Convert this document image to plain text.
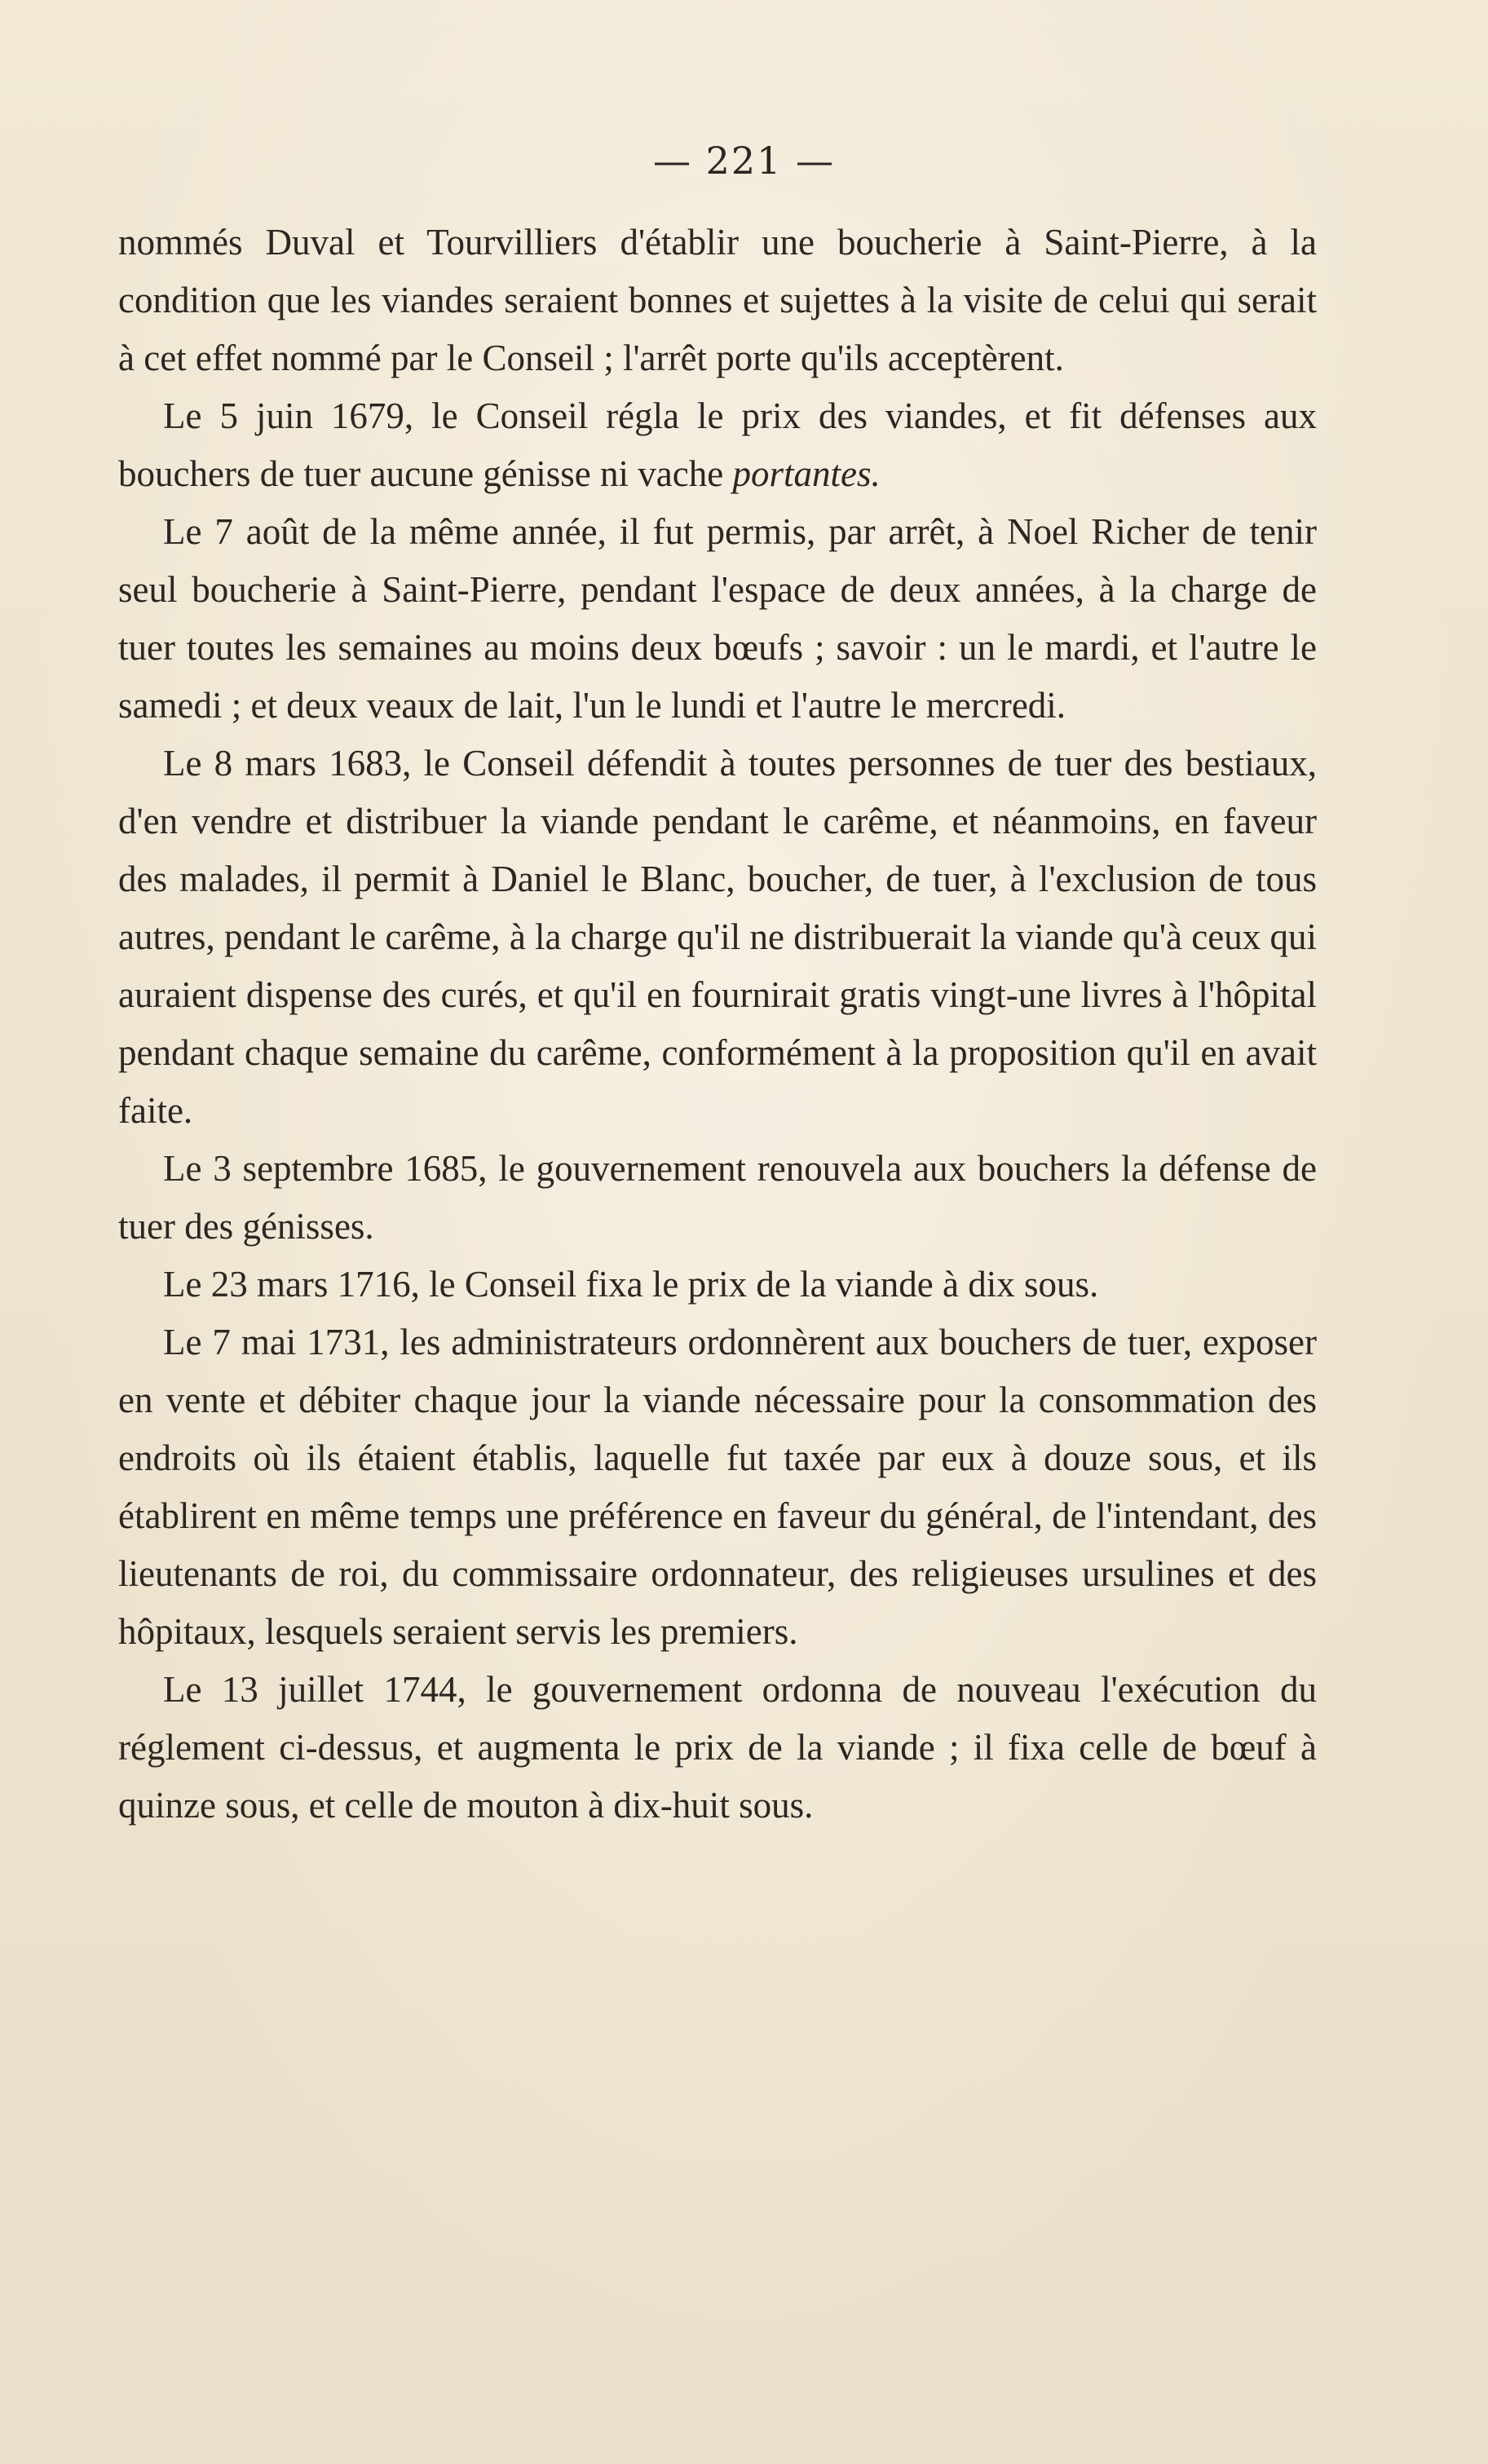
— 221 —

nommés Duval et Tourvilliers d'établir une boucherie à Saint-Pierre, à la condition que les viandes seraient bonnes et sujettes à la visite de celui qui serait à cet effet nommé par le Conseil ; l'arrêt porte qu'ils acceptèrent.

Le 5 juin 1679, le Conseil régla le prix des viandes, et fit défenses aux bouchers de tuer aucune génisse ni vache portantes.

Le 7 août de la même année, il fut permis, par arrêt, à Noel Richer de tenir seul boucherie à Saint-Pierre, pendant l'espace de deux années, à la charge de tuer toutes les semaines au moins deux bœufs ; savoir : un le mardi, et l'autre le samedi ; et deux veaux de lait, l'un le lundi et l'autre le mercredi.

Le 8 mars 1683, le Conseil défendit à toutes personnes de tuer des bestiaux, d'en vendre et distribuer la viande pendant le carême, et néanmoins, en faveur des malades, il permit à Daniel le Blanc, boucher, de tuer, à l'exclusion de tous autres, pendant le carême, à la charge qu'il ne distribuerait la viande qu'à ceux qui auraient dispense des curés, et qu'il en fournirait gratis vingt-une livres à l'hôpital pendant chaque semaine du carême, conformément à la proposition qu'il en avait faite.

Le 3 septembre 1685, le gouvernement renouvela aux bouchers la défense de tuer des génisses.

Le 23 mars 1716, le Conseil fixa le prix de la viande à dix sous.

Le 7 mai 1731, les administrateurs ordonnèrent aux bouchers de tuer, exposer en vente et débiter chaque jour la viande nécessaire pour la consommation des endroits où ils étaient établis, laquelle fut taxée par eux à douze sous, et ils établirent en même temps une préférence en faveur du général, de l'intendant, des lieutenants de roi, du commissaire ordonnateur, des religieuses ursulines et des hôpitaux, lesquels seraient servis les premiers.

Le 13 juillet 1744, le gouvernement ordonna de nouveau l'exécution du réglement ci-dessus, et augmenta le prix de la viande ; il fixa celle de bœuf à quinze sous, et celle de mouton à dix-huit sous.
